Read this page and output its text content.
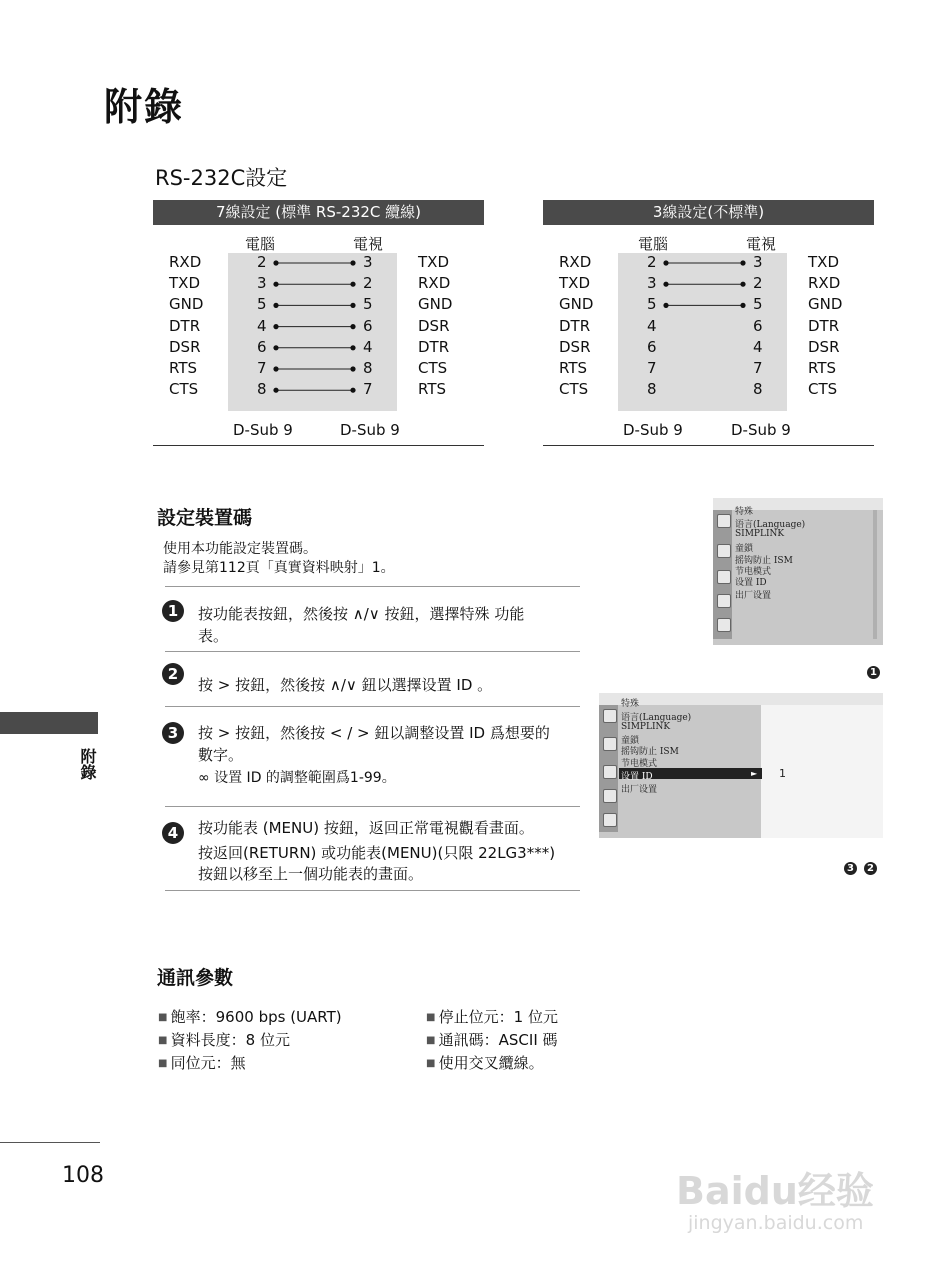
附錄
RS-232C設定
7線設定 (標準 RS-232C 纜線)
電腦	電視
D-Sub 9	D-Sub 9
RXD	2	3	TXD
TXD	3	2	RXD
GND	5	5	GND
DTR	4	6	DSR
DSR	6	4	DTR
RTS	7	8	CTS
CTS	8	7	RTS
3線設定(不標準)
電腦	電視
D-Sub 9	D-Sub 9
RXD	2	3	TXD
TXD	3	2	RXD
GND	5	5	GND
DTR	4	6	DTR
DSR	6	4	DSR
RTS	7	7	RTS
CTS	8	8	CTS
設定裝置碼
使用本功能設定裝置碼。
請參見第112頁「真實資料映射」1。
1	按功能表按鈕，然後按 ∧/∨ 按鈕，選擇特殊 功能
表。
2
按 > 按鈕，然後按 ∧/∨ 鈕以選擇设置 ID 。
3	按 > 按鈕，然後按 < / > 鈕以調整设置 ID 爲想要的
數字。
∞ 设置 ID 的調整範圍爲1-99。
4	按功能表 (MENU) 按鈕，返回正常電視觀看畫面。
按返回(RETURN) 或功能表(MENU)(只限 22LG3***)
按鈕以移至上一個功能表的畫面。
特殊
语言(Language)
SIMPLINK
童鎖
摇钩防止 ISM
节电模式
设置 ID
出厂设置
1
特殊
语言(Language)
SIMPLINK
童鎖
摇钩防止 ISM
节电模式
设置 ID	►
出厂设置
1
3	2
通訊參數
■ 飽率：9600 bps (UART)
■ 資料長度：8 位元
■ 同位元：無
■ 停止位元：1 位元
■ 通訊碼：ASCII 碼
■ 使用交叉纜線。
附錄
108	Baidu经验
jingyan.baidu.com
